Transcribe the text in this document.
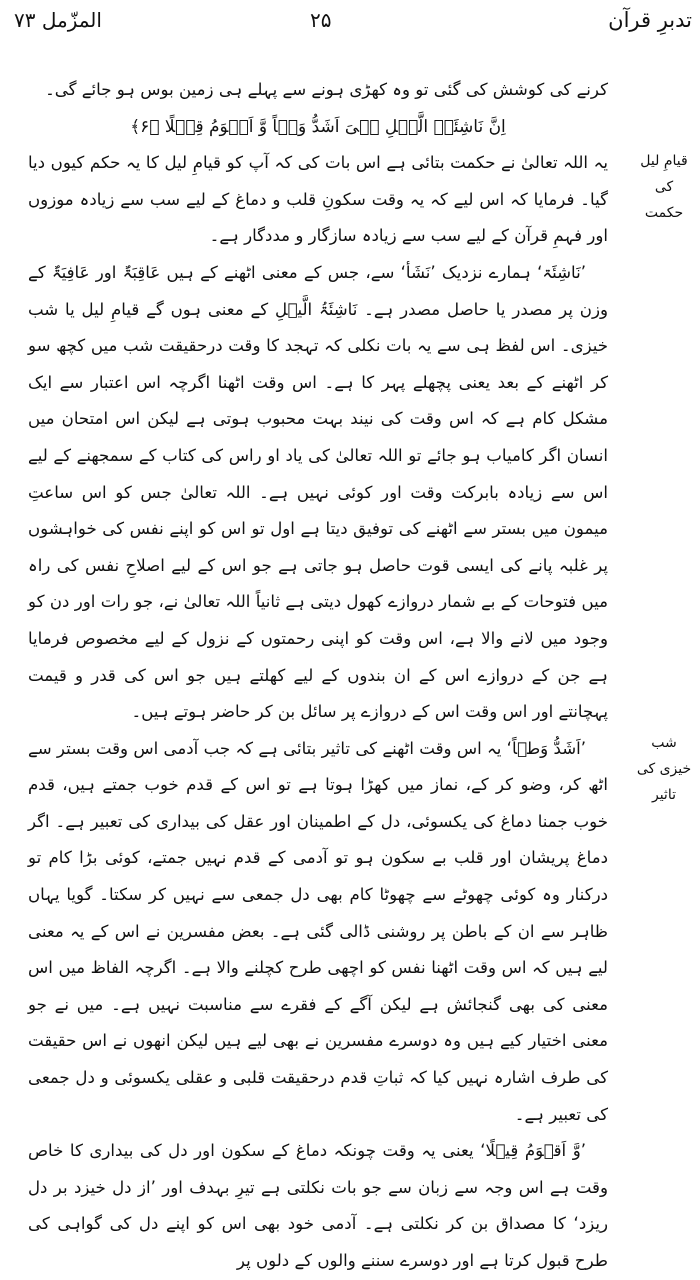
تدبرِ قرآن
۲۵
المزّمل ۷۳
قیامِ لیل کی حکمت
شب خیزی کی تاثیر

کرنے کی کوشش کی گئی تو وہ کھڑی ہونے سے پہلے ہی زمین بوس ہو جائے گی۔

اِنَّ نَاشِئَۃَ الَّیۡلِ ہِیَ اَشَدُّ وَطۡاً وَّ اَقۡوَمُ قِیۡلًا ﴿۶﴾

یہ اللہ تعالیٰ نے حکمت بتائی ہے اس بات کی کہ آپ کو قیامِ لیل کا یہ حکم کیوں دیا گیا۔ فرمایا کہ اس لیے کہ یہ وقت سکونِ قلب و دماغ کے لیے سب سے زیادہ موزوں اور فہمِ قرآن کے لیے سب سے زیادہ سازگار و مددگار ہے۔

’نَاشِئَۃ‘ ہمارے نزدیک ’نَشَأ‘ سے، جس کے معنی اٹھنے کے ہیں عَاقِبَۃٌ اور عَافِیَۃٌ کے وزن پر مصدر یا حاصل مصدر ہے۔ نَاشِئَۃُ الَّیۡلِ کے معنی ہوں گے قیامِ لیل یا شب خیزی۔ اس لفظ ہی سے یہ بات نکلی کہ تہجد کا وقت درحقیقت شب میں کچھ سو کر اٹھنے کے بعد یعنی پچھلے پہر کا ہے۔ اس وقت اٹھنا اگرچہ اس اعتبار سے ایک مشکل کام ہے کہ اس وقت کی نیند بہت محبوب ہوتی ہے لیکن اس امتحان میں انسان اگر کامیاب ہو جائے تو اللہ تعالیٰ کی یاد او راس کی کتاب کے سمجھنے کے لیے اس سے زیادہ بابرکت وقت اور کوئی نہیں ہے۔ اللہ تعالیٰ جس کو اس ساعتِ میمون میں بستر سے اٹھنے کی توفیق دیتا ہے اول تو اس کو اپنے نفس کی خواہشوں پر غلبہ پانے کی ایسی قوت حاصل ہو جاتی ہے جو اس کے لیے اصلاحِ نفس کی راہ میں فتوحات کے بے شمار دروازے کھول دیتی ہے ثانیاً اللہ تعالیٰ نے، جو رات اور دن کو وجود میں لانے والا ہے، اس وقت کو اپنی رحمتوں کے نزول کے لیے مخصوص فرمایا ہے جن کے دروازے اس کے ان بندوں کے لیے کھلتے ہیں جو اس کی قدر و قیمت پہچانتے اور اس وقت اس کے دروازے پر سائل بن کر حاضر ہوتے ہیں۔

’اَشَدُّ وَطۡاً‘ یہ اس وقت اٹھنے کی تاثیر بتائی ہے کہ جب آدمی اس وقت بستر سے اٹھ کر، وضو کر کے، نماز میں کھڑا ہوتا ہے تو اس کے قدم خوب جمتے ہیں، قدم خوب جمنا دماغ کی یکسوئی، دل کے اطمینان اور عقل کی بیداری کی تعبیر ہے۔ اگر دماغ پریشان اور قلب بے سکون ہو تو آدمی کے قدم نہیں جمتے، کوئی بڑا کام تو درکنار وہ کوئی چھوٹے سے چھوٹا کام بھی دل جمعی سے نہیں کر سکتا۔ گویا یہاں ظاہر سے ان کے باطن پر روشنی ڈالی گئی ہے۔ بعض مفسرین نے اس کے یہ معنی لیے ہیں کہ اس وقت اٹھنا نفس کو اچھی طرح کچلنے والا ہے۔ اگرچہ الفاظ میں اس معنی کی بھی گنجائش ہے لیکن آگے کے فقرے سے مناسبت نہیں ہے۔ میں نے جو معنی اختیار کیے ہیں وہ دوسرے مفسرین نے بھی لیے ہیں لیکن انھوں نے اس حقیقت کی طرف اشارہ نہیں کیا کہ ثباتِ قدم درحقیقت قلبی و عقلی یکسوئی و دل جمعی کی تعبیر ہے۔

’وَّ اَقۡوَمُ قِیۡلًا‘ یعنی یہ وقت چونکہ دماغ کے سکون اور دل کی بیداری کا خاص وقت ہے اس وجہ سے زبان سے جو بات نکلتی ہے تیرِ بہدف اور ’از دل خیزد بر دل ریزد‘ کا مصداق بن کر نکلتی ہے۔ آدمی خود بھی اس کو اپنے دل کی گواہی کی طرح قبول کرتا ہے اور دوسرے سننے والوں کے دلوں پر
